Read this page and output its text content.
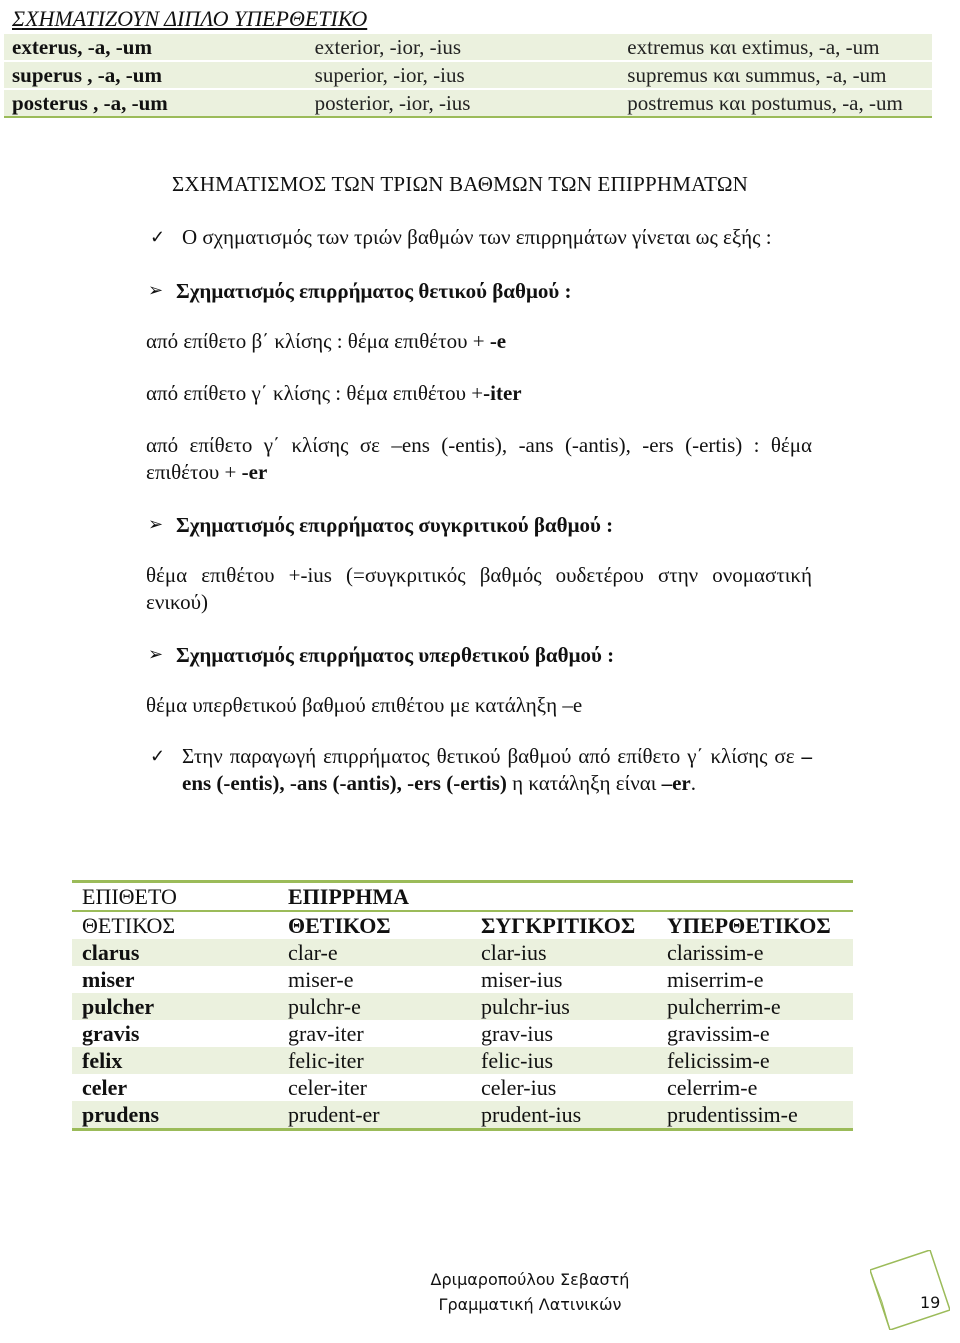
ΣΧΗΜΑΤΙΖΟΥΝ ΔΙΠΛΟ ΥΠΕΡΘΕΤΙΚΟ
exterus, -a, -um	exterior, -ior, -ius	extremus και extimus, -a, -um
superus , -a, -um	superior, -ior, -ius	supremus και summus, -a, -um
posterus , -a, -um	posterior, -ior, -ius	postremus και postumus, -a, -um
ΣΧΗΜΑΤΙΣΜΟΣ ΤΩΝ ΤΡΙΩΝ ΒΑΘΜΩΝ ΤΩΝ ΕΠΙΡΡΗΜΑΤΩΝ
✓ Ο σχηματισμός των τριών βαθμών των επιρρημάτων γίνεται ως εξής :
➢ Σχηματισμός επιρρήματος θετικού βαθμού :
από επίθετο β΄ κλίσης : θέμα επιθέτου + -e
από επίθετο γ΄ κλίσης : θέμα επιθέτου +-iter
από επίθετο γ΄ κλίσης σε –ens (-entis), -ans (-antis), -ers (-ertis) : θέμα επιθέτου + -er
➢ Σχηματισμός επιρρήματος συγκριτικού βαθμού :
θέμα επιθέτου +-ius (=συγκριτικός βαθμός ουδετέρου στην ονομαστική ενικού)
➢ Σχηματισμός επιρρήματος υπερθετικού βαθμού :
θέμα υπερθετικού βαθμού επιθέτου με κατάληξη –e
✓ Στην παραγωγή επιρρήματος θετικού βαθμού από επίθετο γ΄ κλίσης σε –ens (-entis), -ans (-antis), -ers (-ertis) η κατάληξη είναι –er.
ΕΠΙΘΕΤΟ	ΕΠΙΡΡΗΜΑ		
ΘΕΤΙΚΟΣ	ΘΕΤΙΚΟΣ	ΣΥΓΚΡΙΤΙΚΟΣ	ΥΠΕΡΘΕΤΙΚΟΣ
clarus	clar-e	clar-ius	clarissim-e
miser	miser-e	miser-ius	miserrim-e
pulcher	pulchr-e	pulchr-ius	pulcherrim-e
gravis	grav-iter	grav-ius	gravissim-e
felix	felic-iter	felic-ius	felicissim-e
celer	celer-iter	celer-ius	celerrim-e
prudens	prudent-er	prudent-ius	prudentissim-e
Δριμαροπούλου Σεβαστή
Γραμματική Λατινικών	19
